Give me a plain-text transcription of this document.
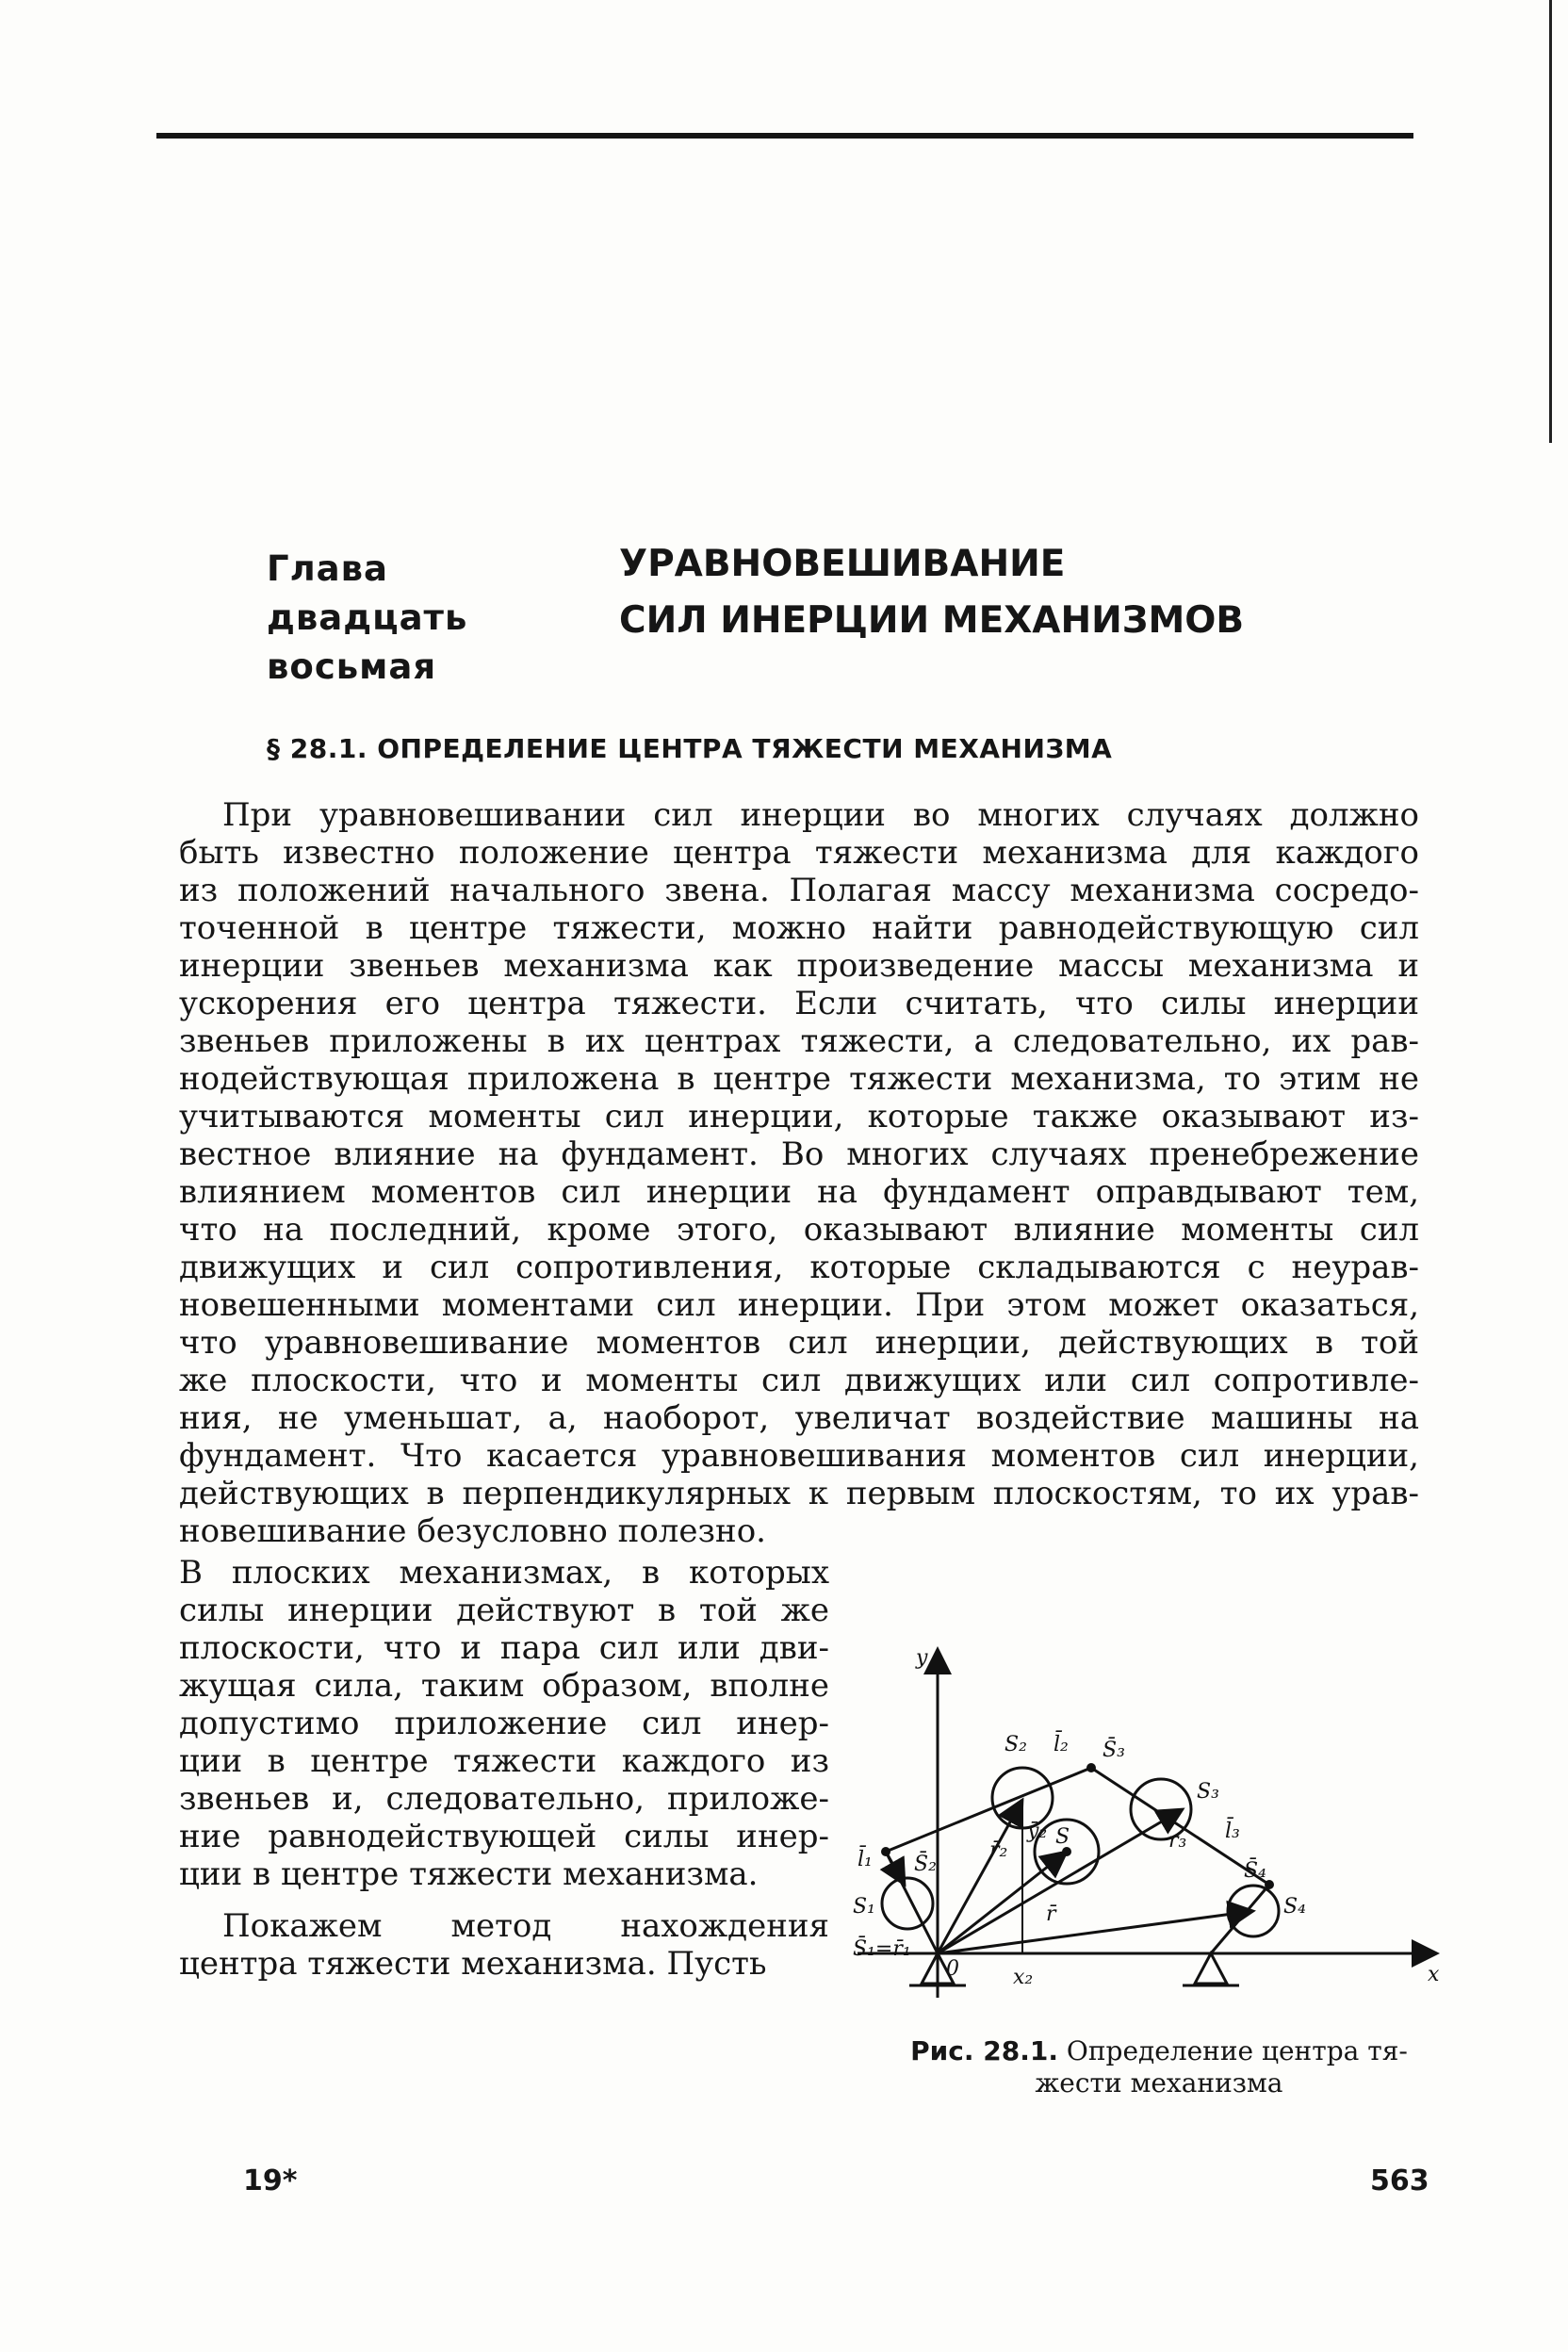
Глава
двадцать
восьмая
УРАВНОВЕШИВАНИЕ
СИЛ ИНЕРЦИИ МЕХАНИЗМОВ
§ 28.1. ОПРЕДЕЛЕНИЕ ЦЕНТРА ТЯЖЕСТИ МЕХАНИЗМА
При уравновешивании сил инерции во многих случаях должно
быть известно положение центра тяжести механизма для каждого
из положений начального звена. Полагая массу механизма сосредо-
точенной в центре тяжести, можно найти равнодействующую сил
инерции звеньев механизма как произведение массы механизма и
ускорения его центра тяжести. Если считать, что силы инерции
звеньев приложены в их центрах тяжести, а следовательно, их рав-
нодействующая приложена в центре тяжести механизма, то этим не
учитываются моменты сил инерции, которые также оказывают из-
вестное влияние на фундамент. Во многих случаях пренебрежение
влиянием моментов сил инерции на фундамент оправдывают тем,
что на последний, кроме этого, оказывают влияние моменты сил
движущих и сил сопротивления, которые складываются с неурав-
новешенными моментами сил инерции. При этом может оказаться,
что уравновешивание моментов сил инерции, действующих в той
же плоскости, что и моменты сил движущих или сил сопротивле-
ния, не уменьшат, а, наоборот, увеличат воздействие машины на
фундамент. Что касается уравновешивания моментов сил инерции,
действующих в перпендикулярных к первым плоскостям, то их урав-
новешивание безусловно полезно.
В плоских механизмах, в которых
силы инерции действуют в той же
плоскости, что и пара сил или дви-
жущая сила, таким образом, вполне
допустимо приложение сил инер-
ции в центре тяжести каждого из
звеньев и, следовательно, приложе-
ние равнодействующей силы инер-
ции в центре тяжести механизма.
Покажем метод нахождения
центра тяжести механизма. Пусть
y
x
x₂
0
S₁
l̄₁ S̄₂
S̄₁=r̄₁
S₂ l̄₂ S̄₃
S₃
l̄₃
S̄₄
S₄
ȳ₂
r̄₂
S	r₃
r̄
Рис. 28.1. Определение центра тя-
жести механизма
19*	563
